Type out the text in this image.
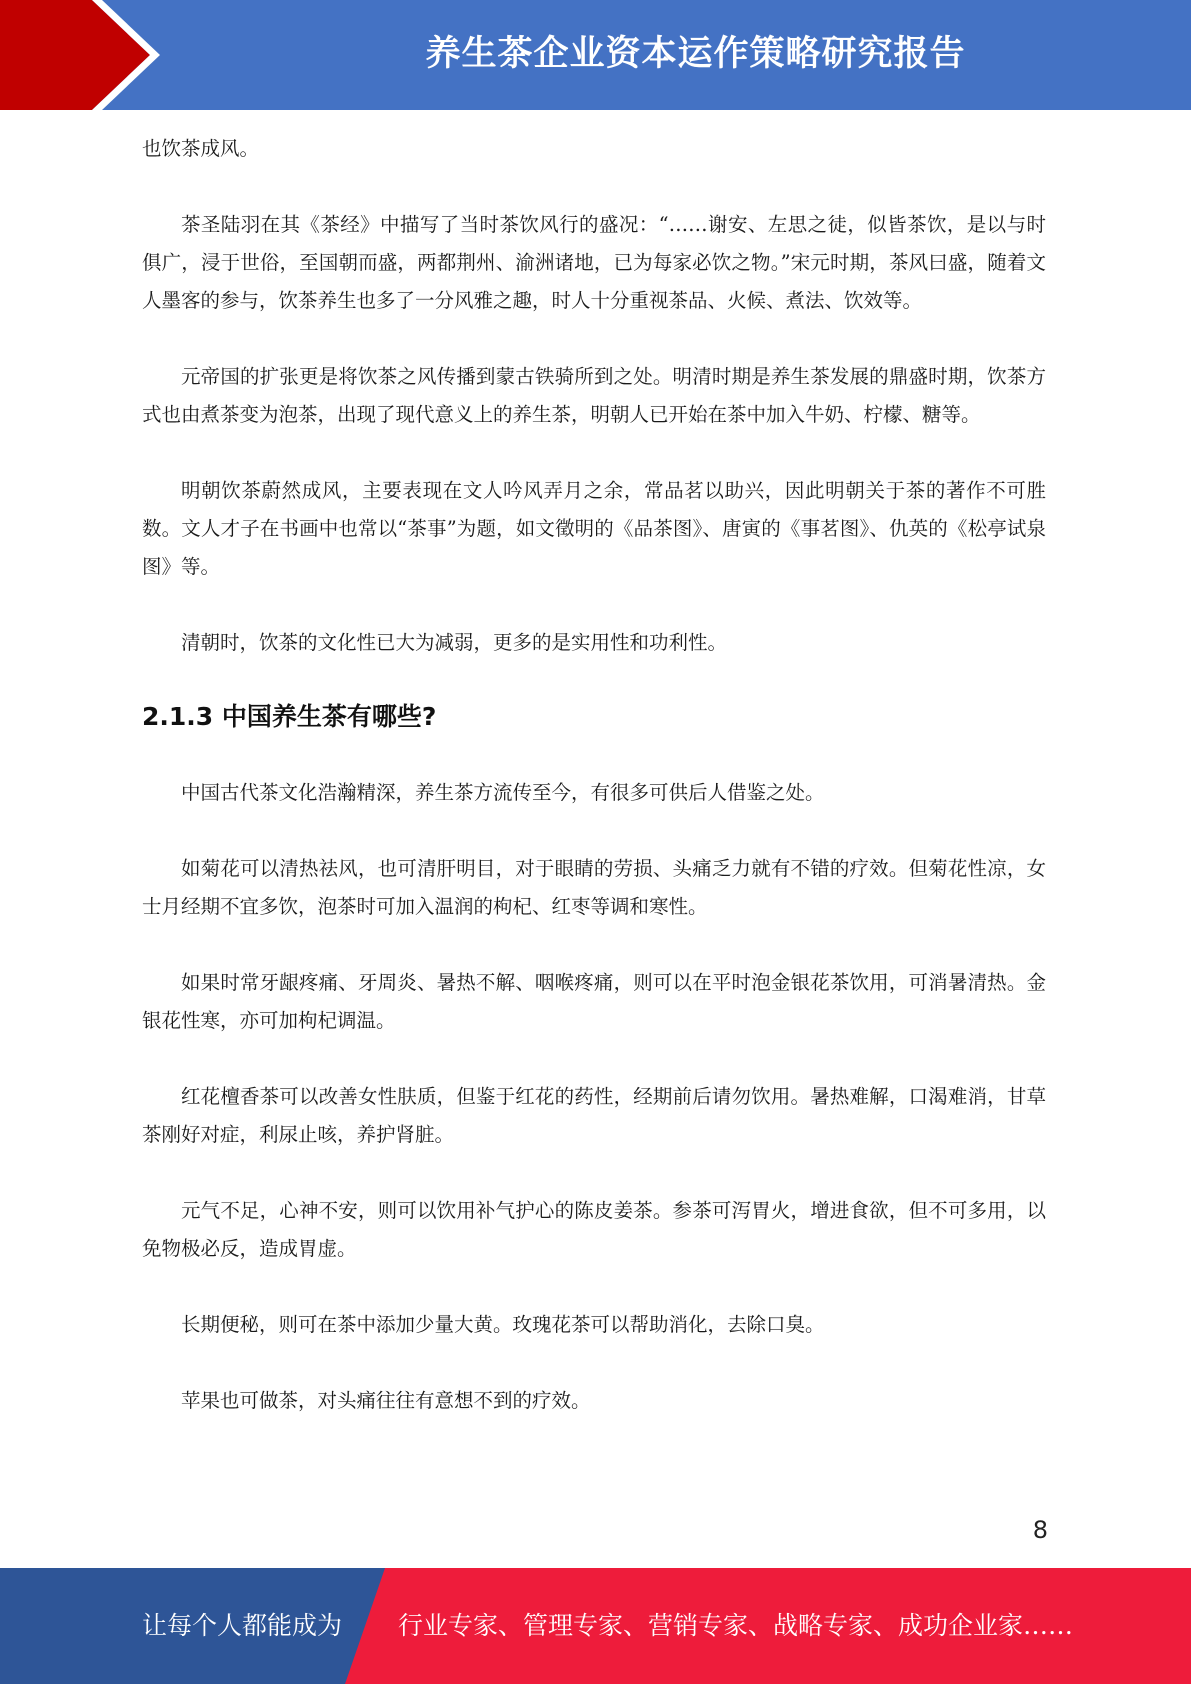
养生茶企业资本运作策略研究报告

也饮茶成风。

茶圣陆羽在其《茶经》中描写了当时茶饮风行的盛况：“……谢安、左思之徒，似皆茶饮，是以与时俱广，浸于世俗，至国朝而盛，两都荆州、渝洲诸地，已为每家必饮之物。”宋元时期，茶风曰盛，随着文人墨客的参与，饮茶养生也多了一分风雅之趣，时人十分重视茶品、火候、煮法、饮效等。

元帝国的扩张更是将饮茶之风传播到蒙古铁骑所到之处。明清时期是养生茶发展的鼎盛时期，饮茶方式也由煮茶变为泡茶，出现了现代意义上的养生茶，明朝人已开始在茶中加入牛奶、柠檬、糖等。

明朝饮茶蔚然成风，主要表现在文人吟风弄月之余，常品茗以助兴，因此明朝关于茶的著作不可胜数。文人才子在书画中也常以“茶事”为题，如文徵明的《品茶图》、唐寅的《事茗图》、仇英的《松亭试泉图》等。

清朝时，饮茶的文化性已大为减弱，更多的是实用性和功利性。

2.1.3 中国养生茶有哪些?

中国古代茶文化浩瀚精深，养生茶方流传至今，有很多可供后人借鉴之处。

如菊花可以清热祛风，也可清肝明目，对于眼睛的劳损、头痛乏力就有不错的疗效。但菊花性凉，女士月经期不宜多饮，泡茶时可加入温润的枸杞、红枣等调和寒性。

如果时常牙龈疼痛、牙周炎、暑热不解、咽喉疼痛，则可以在平时泡金银花茶饮用，可消暑清热。金银花性寒，亦可加枸杞调温。

红花檀香茶可以改善女性肤质，但鉴于红花的药性，经期前后请勿饮用。暑热难解，口渴难消，甘草茶刚好对症，利尿止咳，养护肾脏。

元气不足，心神不安，则可以饮用补气护心的陈皮姜茶。参茶可泻胃火，增进食欲，但不可多用，以免物极必反，造成胃虚。

长期便秘，则可在茶中添加少量大黄。玫瑰花茶可以帮助消化，去除口臭。

苹果也可做茶，对头痛往往有意想不到的疗效。

8
让每个人都能成为 行业专家、管理专家、营销专家、战略专家、成功企业家……
